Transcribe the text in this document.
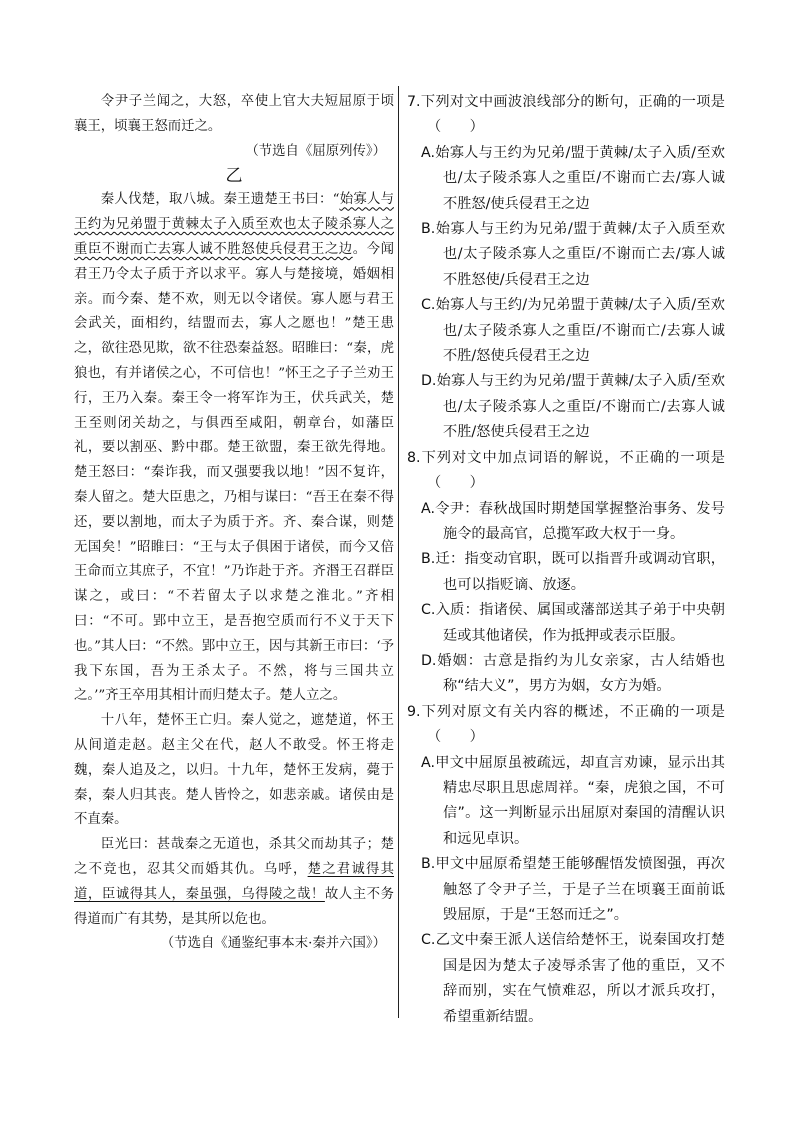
令尹子兰闻之，大怒，卒使上官大夫短屈原于顷襄王，顷襄王怒而迁之。

（节选自《屈原列传》）

乙

秦人伐楚，取八城。秦王遗楚王书曰：“始寡人与王约为兄弟盟于黄棘太子入质至欢也太子陵杀寡人之重臣不谢而亡去寡人诚不胜怒使兵侵君王之边。今闻君王乃令太子质于齐以求平。寡人与楚接境，婚姻相亲。而今秦、楚不欢，则无以令诸侯。寡人愿与君王会武关，面相约，结盟而去，寡人之愿也！”楚王患之，欲往恐见欺，欲不往恐秦益怒。昭睢曰：“秦，虎狼也，有并诸侯之心，不可信也！”怀王之子子兰劝王行，王乃入秦。秦王令一将军诈为王，伏兵武关，楚王至则闭关劫之，与俱西至咸阳，朝章台，如藩臣礼，要以割巫、黔中郡。楚王欲盟，秦王欲先得地。楚王怒曰：“秦诈我，而又强要我以地！”因不复许，秦人留之。楚大臣患之，乃相与谋曰：“吾王在秦不得还，要以割地，而太子为质于齐。齐、秦合谋，则楚无国矣！”昭睢曰：“王与太子俱困于诸侯，而今又倍王命而立其庶子，不宜！”乃诈赴于齐。齐湣王召群臣谋之，或曰：“不若留太子以求楚之淮北。”齐相曰：“不可。郢中立王，是吾抱空质而行不义于天下也。”其人曰：“不然。郢中立王，因与其新王市曰：‘予我下东国，吾为王杀太子。不然，将与三国共立之。’”齐王卒用其相计而归楚太子。楚人立之。

十八年，楚怀王亡归。秦人觉之，遮楚道，怀王从间道走赵。赵主父在代，赵人不敢受。怀王将走魏，秦人追及之，以归。十九年，楚怀王发病，薨于秦，秦人归其丧。楚人皆怜之，如悲亲戚。诸侯由是不直秦。

臣光曰：甚哉秦之无道也，杀其父而劫其子；楚之不竞也，忍其父而婚其仇。乌呼，楚之君诚得其道，臣诚得其人，秦虽强，乌得陵之哉！故人主不务得道而广有其势，是其所以危也。

（节选自《通鉴纪事本末·秦并六国》）

7.下列对文中画波浪线部分的断句，正确的一项是（　　）

A.始寡人与王约为兄弟/盟于黄棘/太子入质/至欢也/太子陵杀寡人之重臣/不谢而亡去/寡人诚不胜怒/使兵侵君王之边

B.始寡人与王约为兄弟/盟于黄棘/太子入质至欢也/太子陵杀寡人之重臣/不谢而亡去/寡人诚不胜怒使/兵侵君王之边

C.始寡人与王约/为兄弟盟于黄棘/太子入质/至欢也/太子陵杀寡人之重臣/不谢而亡/去寡人诚不胜/怒使兵侵君王之边

D.始寡人与王约为兄弟/盟于黄棘/太子入质/至欢也/太子陵杀寡人之重臣/不谢而亡/去寡人诚不胜/怒使兵侵君王之边

8.下列对文中加点词语的解说，不正确的一项是（　　）

A.令尹：春秋战国时期楚国掌握整治事务、发号施令的最高官，总揽军政大权于一身。

B.迁：指变动官职，既可以指晋升或调动官职，也可以指贬谪、放逐。

C.入质：指诸侯、属国或藩部送其子弟于中央朝廷或其他诸侯，作为抵押或表示臣服。

D.婚姻：古意是指约为儿女亲家，古人结婚也称“结大义”，男方为姻，女方为婚。

9.下列对原文有关内容的概述，不正确的一项是（　　）

A.甲文中屈原虽被疏远，却直言劝谏，显示出其精忠尽职且思虑周祥。“秦，虎狼之国，不可信”。这一判断显示出屈原对秦国的清醒认识和远见卓识。

B.甲文中屈原希望楚王能够醒悟发愤图强，再次触怒了令尹子兰，于是子兰在顷襄王面前诋毁屈原，于是“王怒而迁之”。

C.乙文中秦王派人送信给楚怀王，说秦国攻打楚国是因为楚太子凌辱杀害了他的重臣，又不辞而别，实在气愤难忍，所以才派兵攻打，希望重新结盟。
